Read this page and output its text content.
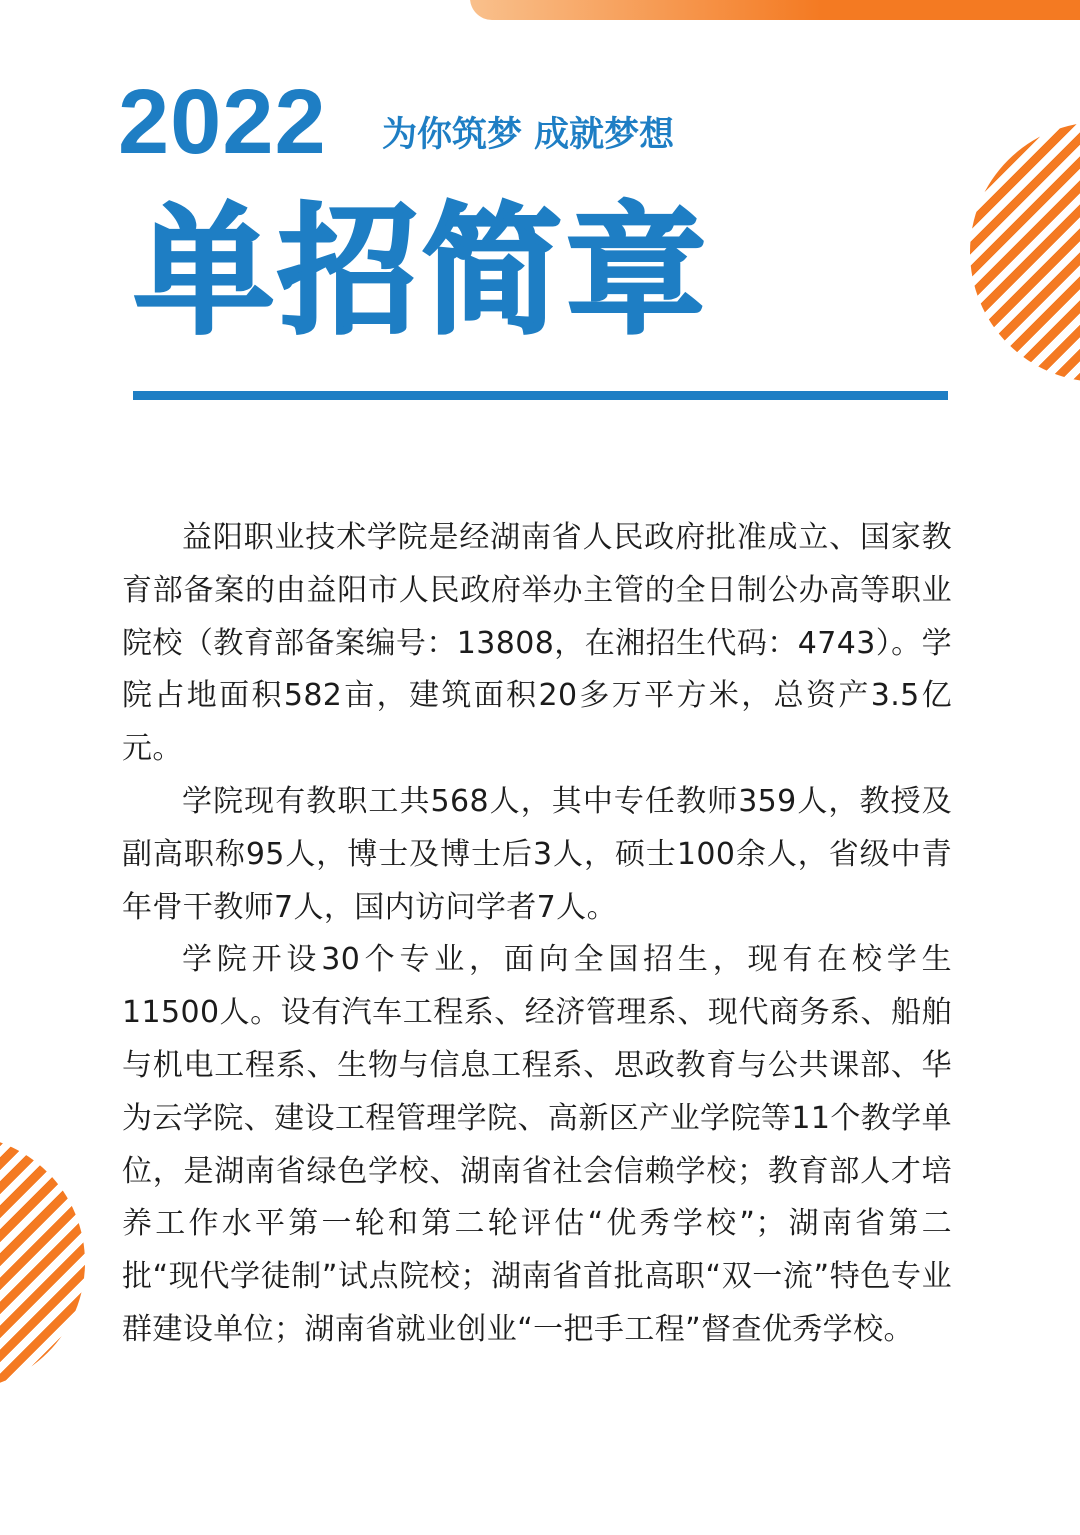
2022 为你筑梦 成就梦想
单招简章

益阳职业技术学院是经湖南省人民政府批准成立、国家教育部备案的由益阳市人民政府举办主管的全日制公办高等职业院校（教育部备案编号：13808，在湘招生代码：4743）。学院占地面积582亩，建筑面积20多万平方米，总资产3.5亿元。

学院现有教职工共568人，其中专任教师359人，教授及副高职称95人，博士及博士后3人，硕士100余人，省级中青年骨干教师7人，国内访问学者7人。

学院开设30个专业，面向全国招生，现有在校学生11500人。设有汽车工程系、经济管理系、现代商务系、船舶与机电工程系、生物与信息工程系、思政教育与公共课部、华为云学院、建设工程管理学院、高新区产业学院等11个教学单位，是湖南省绿色学校、湖南省社会信赖学校；教育部人才培养工作水平第一轮和第二轮评估“优秀学校”；湖南省第二批“现代学徒制”试点院校；湖南省首批高职“双一流”特色专业群建设单位；湖南省就业创业“一把手工程”督查优秀学校。
